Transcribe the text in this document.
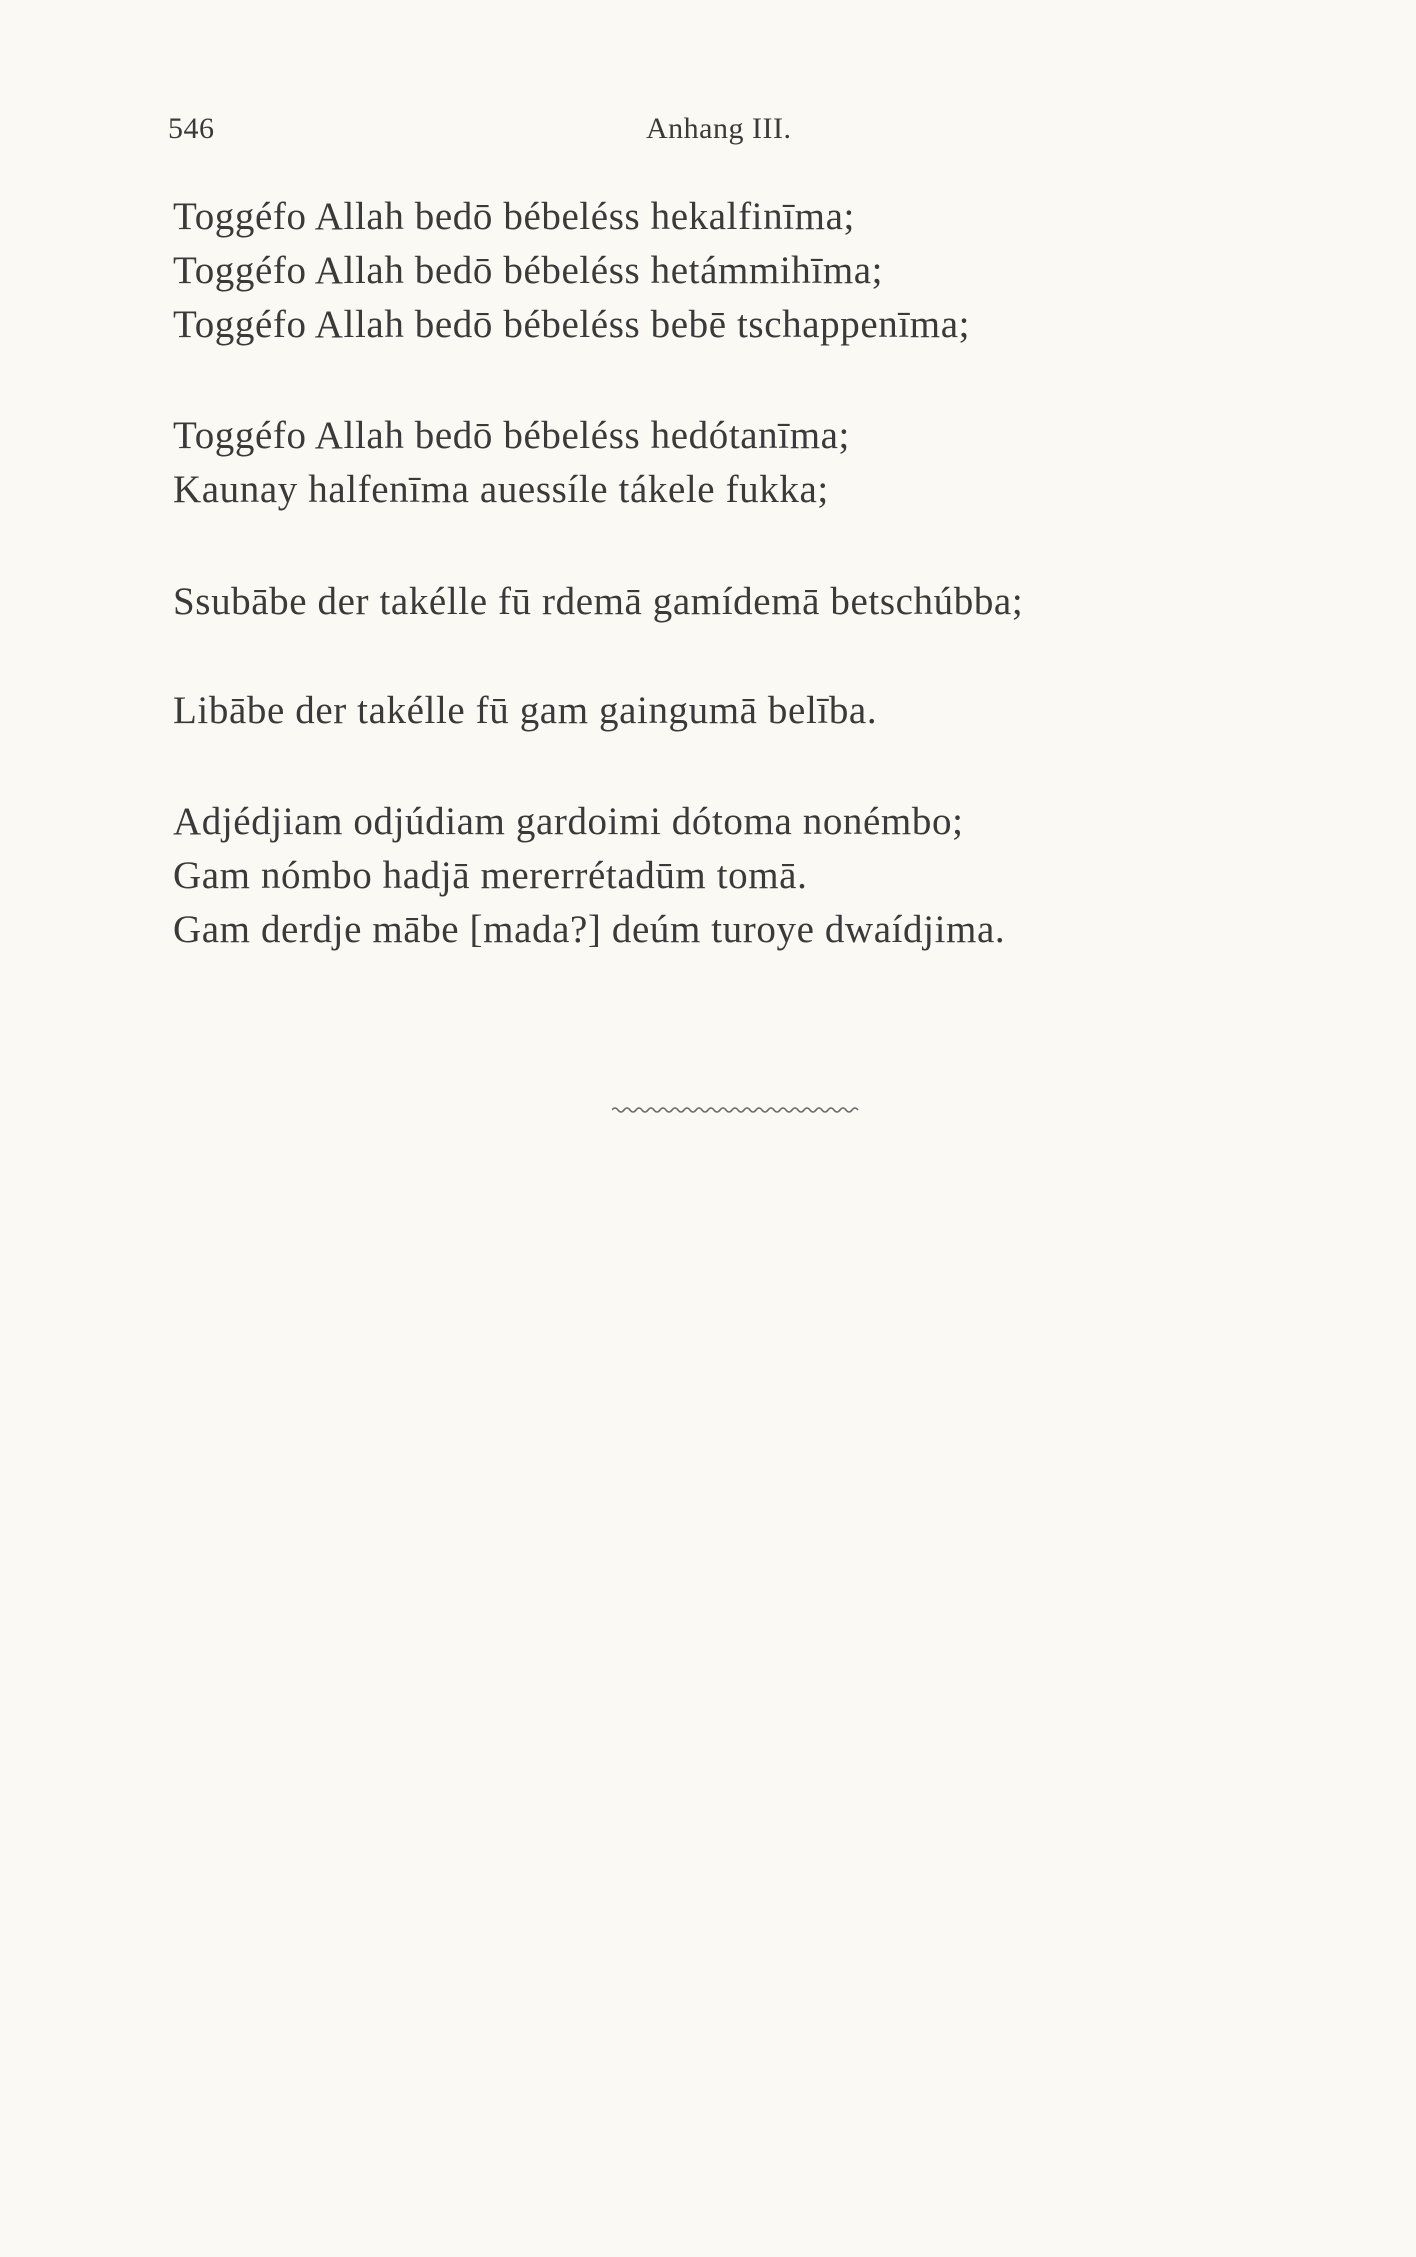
546	Anhang III.
Toggéfo Allah bedō bébeléss hekalfinīma;
Toggéfo Allah bedō bébeléss hetámmihīma;
Toggéfo Allah bedō bébeléss bebē tschappenīma;
Toggéfo Allah bedō bébeléss hedótanīma;
Kaunay halfenīma auessíle tákele fukka;
Ssubābe der takélle fū rdemā gamídemā betschúbba;
Libābe der takélle fū gam gaingumā belība.
Adjédjiam odjúdiam gardoimi dótoma nonémbo;
Gam nómbo hadjā mererrétadūm tomā.
Gam derdje mābe [mada?] deúm turoye dwaídjima.
